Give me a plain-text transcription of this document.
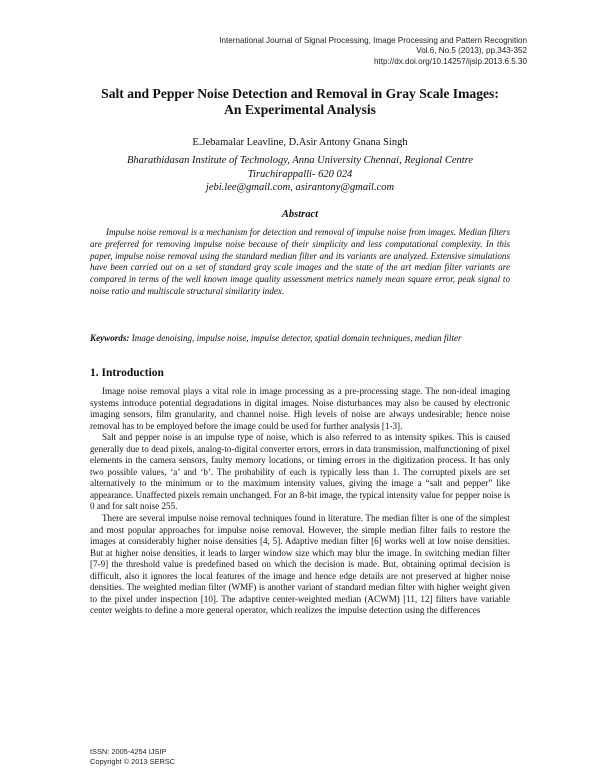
International Journal of Signal Processing, Image Processing and Pattern Recognition
Vol.6, No.5 (2013), pp.343-352
http://dx.doi.org/10.14257/ijsip.2013.6.5.30
Salt and Pepper Noise Detection and Removal in Gray Scale Images:
An Experimental Analysis
E.Jebamalar Leavline, D.Asir Antony Gnana Singh
Bharathidasan Institute of Technology, Anna University Chennai, Regional Centre
Tiruchirappalli- 620 024
jebi.lee@gmail.com, asirantony@gmail.com
Abstract
Impulse noise removal is a mechanism for detection and removal of impulse noise from images. Median filters are preferred for removing impulse noise because of their simplicity and less computational complexity. In this paper, impulse noise removal using the standard median filter and its variants are analyzed. Extensive simulations have been carried out on a set of standard gray scale images and the state of the art median filter variants are compared in terms of the well known image quality assessment metrics namely mean square error, peak signal to noise ratio and multiscale structural similarity index.
Keywords: Image denoising, impulse noise, impulse detector, spatial domain techniques, median filter
1. Introduction

Image noise removal plays a vital role in image processing as a pre-processing stage. The non-ideal imaging systems introduce potential degradations in digital images. Noise disturbances may also be caused by electronic imaging sensors, film granularity, and channel noise. High levels of noise are always undesirable; hence noise removal has to be employed before the image could be used for further analysis [1-3].

Salt and pepper noise is an impulse type of noise, which is also referred to as intensity spikes. This is caused generally due to dead pixels, analog-to-digital converter errors, errors in data transmission, malfunctioning of pixel elements in the camera sensors, faulty memory locations, or timing errors in the digitization process. It has only two possible values, ‘a’ and ‘b’. The probability of each is typically less than 1. The corrupted pixels are set alternatively to the minimum or to the maximum intensity values, giving the image a “salt and pepper” like appearance. Unaffected pixels remain unchanged. For an 8-bit image, the typical intensity value for pepper noise is 0 and for salt noise 255.

There are several impulse noise removal techniques found in literature. The median filter is one of the simplest and most popular approaches for impulse noise removal. However, the simple median filter fails to restore the images at considerably higher noise densities [4, 5]. Adaptive median filter [6] works well at low noise densities. But at higher noise densities, it leads to larger window size which may blur the image. In switching median filter [7-9] the threshold value is predefined based on which the decision is made. But, obtaining optimal decision is difficult, also it ignores the local features of the image and hence edge details are not preserved at higher noise densities. The weighted median filter (WMF) is another variant of standard median filter with higher weight given to the pixel under inspection [10]. The adaptive center-weighted median (ACWM) [11, 12] filters have variable center weights to define a more general operator, which realizes the impulse detection using the differences

ISSN: 2005-4254 IJSIP
Copyright © 2013 SERSC
